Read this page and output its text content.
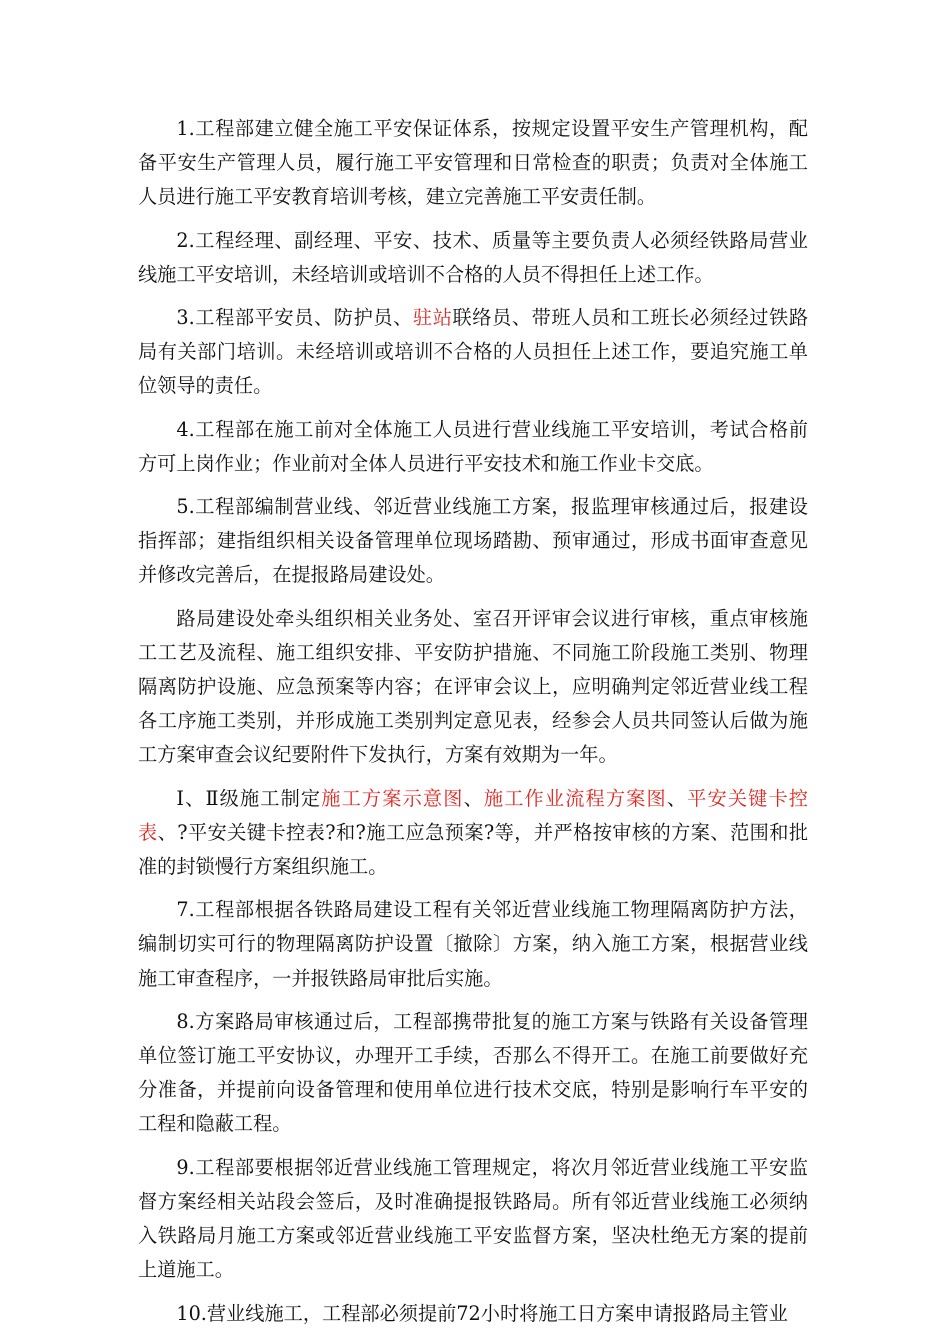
1.工程部建立健全施工平安保证体系，按规定设置平安生产管理机构，配备平安生产管理人员，履行施工平安管理和日常检查的职责；负责对全体施工人员进行施工平安教育培训考核，建立完善施工平安责任制。

2.工程经理、副经理、平安、技术、质量等主要负责人必须经铁路局营业线施工平安培训，未经培训或培训不合格的人员不得担任上述工作。

3.工程部平安员、防护员、驻站联络员、带班人员和工班长必须经过铁路局有关部门培训。未经培训或培训不合格的人员担任上述工作，要追究施工单位领导的责任。

4.工程部在施工前对全体施工人员进行营业线施工平安培训，考试合格前方可上岗作业；作业前对全体人员进行平安技术和施工作业卡交底。

5.工程部编制营业线、邻近营业线施工方案，报监理审核通过后，报建设指挥部；建指组织相关设备管理单位现场踏勘、预审通过，形成书面审查意见并修改完善后，在提报路局建设处。

路局建设处牵头组织相关业务处、室召开评审会议进行审核，重点审核施工工艺及流程、施工组织安排、平安防护措施、不同施工阶段施工类别、物理隔离防护设施、应急预案等内容；在评审会议上，应明确判定邻近营业线工程各工序施工类别，并形成施工类别判定意见表，经参会人员共同签认后做为施工方案审查会议纪要附件下发执行，方案有效期为一年。

Ⅰ、Ⅱ级施工制定施工方案示意图、施工作业流程方案图、平安关键卡控表、?平安关键卡控表?和?施工应急预案?等，并严格按审核的方案、范围和批准的封锁慢行方案组织施工。

7.工程部根据各铁路局建设工程有关邻近营业线施工物理隔离防护方法，编制切实可行的物理隔离防护设置〔撤除〕方案，纳入施工方案，根据营业线施工审查程序，一并报铁路局审批后实施。

8.方案路局审核通过后，工程部携带批复的施工方案与铁路有关设备管理单位签订施工平安协议，办理开工手续，否那么不得开工。在施工前要做好充分准备，并提前向设备管理和使用单位进行技术交底，特别是影响行车平安的工程和隐蔽工程。

9.工程部要根据邻近营业线施工管理规定，将次月邻近营业线施工平安监督方案经相关站段会签后，及时准确提报铁路局。所有邻近营业线施工必须纳入铁路局月施工方案或邻近营业线施工平安监督方案，坚决杜绝无方案的提前上道施工。

10.营业线施工，工程部必须提前72小时将施工日方案申请报路局主管业
